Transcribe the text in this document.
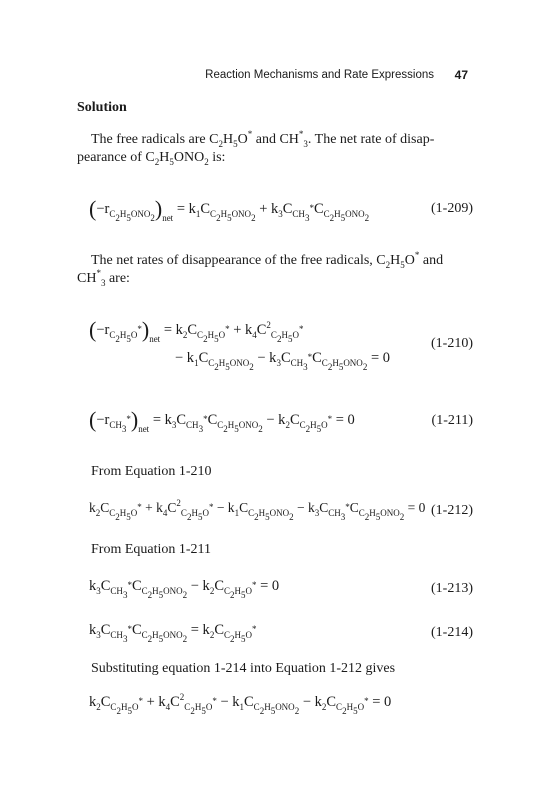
Reaction Mechanisms and Rate Expressions 47
Solution
The free radicals are $C_2H_5O^*$ and $CH^*_3$. The net rate of disap-
pearance of $C_2H_5ONO_2$ is:
$(-r_{C_2H_5ONO_2})_{net} = k_1C_{C_2H_5ONO_2} + k_3C_{CH_3^*}C_{C_2H_5ONO_2}$
(1-209)
The net rates of disappearance of the free radicals, $C_2H_5O^*$ and
$CH^*_3$ are:
$(-r_{C_2H_5O^*})_{net} = k_2C_{C_2H_5O^*} + k_4C^2_{C_2H_5O^*}$
− $k_1C_{C_2H_5ONO_2} - k_3C_{CH_3^*}C_{C_2H_5ONO_2} = 0$
(1-210)
$(-r_{CH_3^*})_{net} = k_3C_{CH_3^*}C_{C_2H_5ONO_2} - k_2C_{C_2H_5O^*} = 0$	(1-211)
From Equation 1-210
$k_2C_{C_2H_5O^*} + k_4C^2_{C_2H_5O^*} - k_1C_{C_2H_5ONO_2} - k_3C_{CH_3^*}C_{C_2H_5ONO_2} = 0$ (1-212)
From Equation 1-211
$k_3C_{CH_3^*}C_{C_2H_5ONO_2} - k_2C_{C_2H_5O^*} = 0$	(1-213)
$k_3C_{CH_3^*}C_{C_2H_5ONO_2} = k_2C_{C_2H_5O^*}$	(1-214)
Substituting equation 1-214 into Equation 1-212 gives
$k_2C_{C_2H_5O^*} + k_4C^2_{C_2H_5O^*} - k_1C_{C_2H_5ONO_2} - k_2C_{C_2H_5O^*} = 0$
